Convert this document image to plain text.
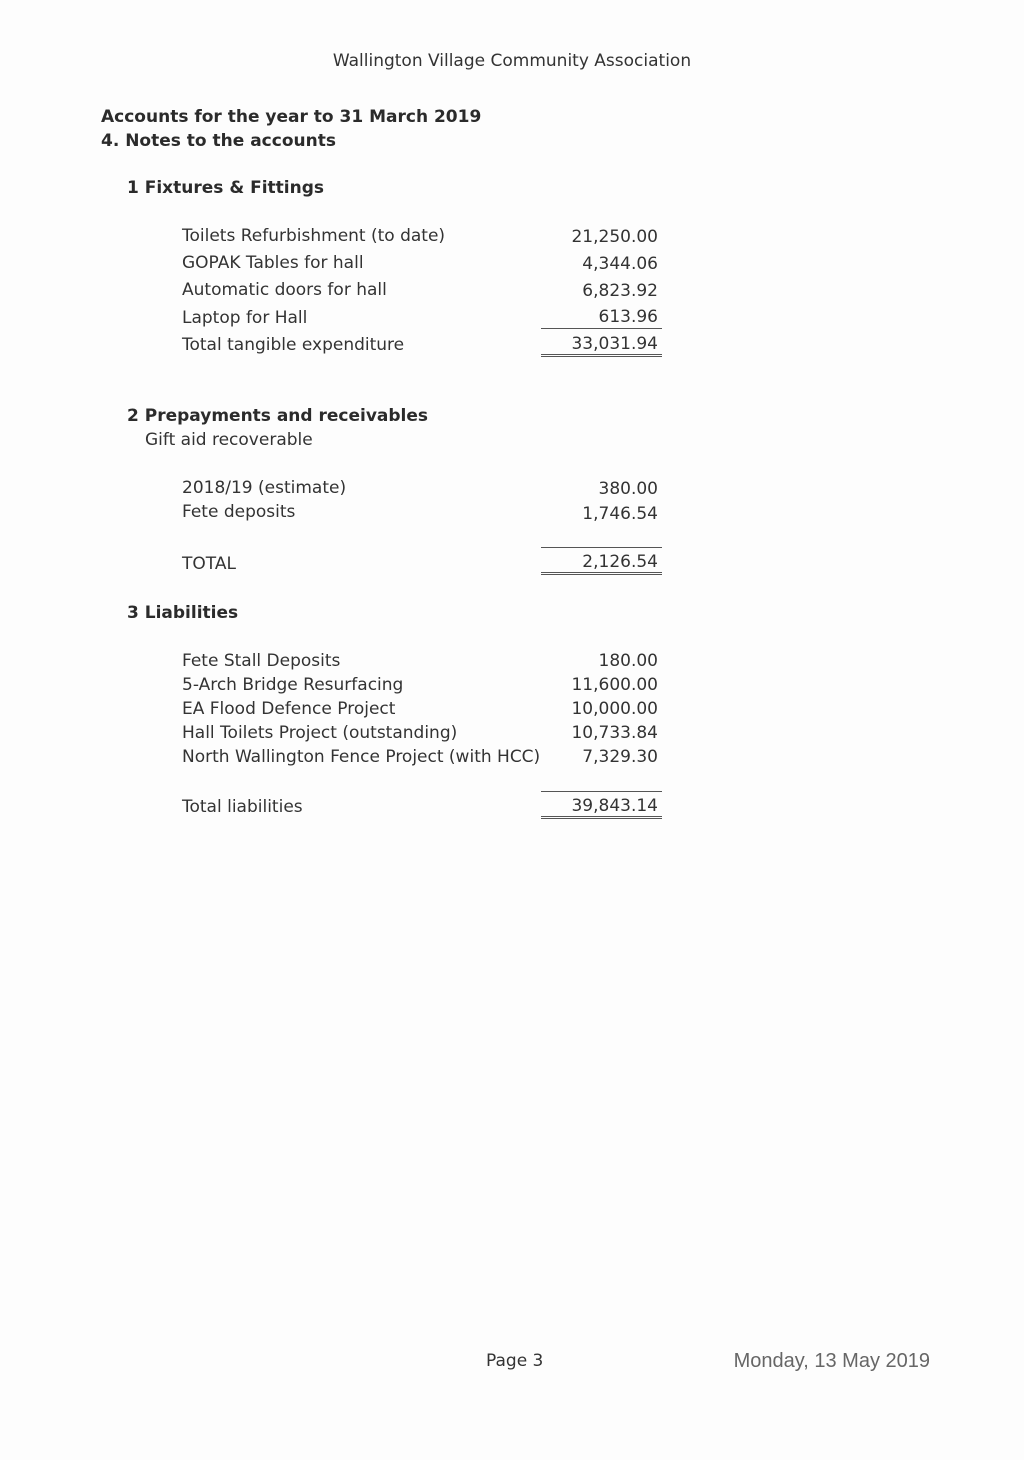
Wallington Village Community Association
Accounts for the year to 31 March 2019
4. Notes to the accounts
1 Fixtures & Fittings
Toilets Refurbishment (to date)	21,250.00
GOPAK Tables for hall	4,344.06
Automatic doors for hall	6,823.92
Laptop for Hall	613.96
Total tangible expenditure	33,031.94
2 Prepayments and receivables
Gift aid recoverable
2018/19 (estimate)	380.00
Fete deposits	1,746.54
TOTAL	2,126.54
3 Liabilities
Fete Stall Deposits	180.00
5-Arch Bridge Resurfacing	11,600.00
EA Flood Defence Project	10,000.00
Hall Toilets Project (outstanding)	10,733.84
North Wallington Fence Project (with HCC) 7,329.30
Total liabilities	39,843.14
Page 3	Monday, 13 May 2019
